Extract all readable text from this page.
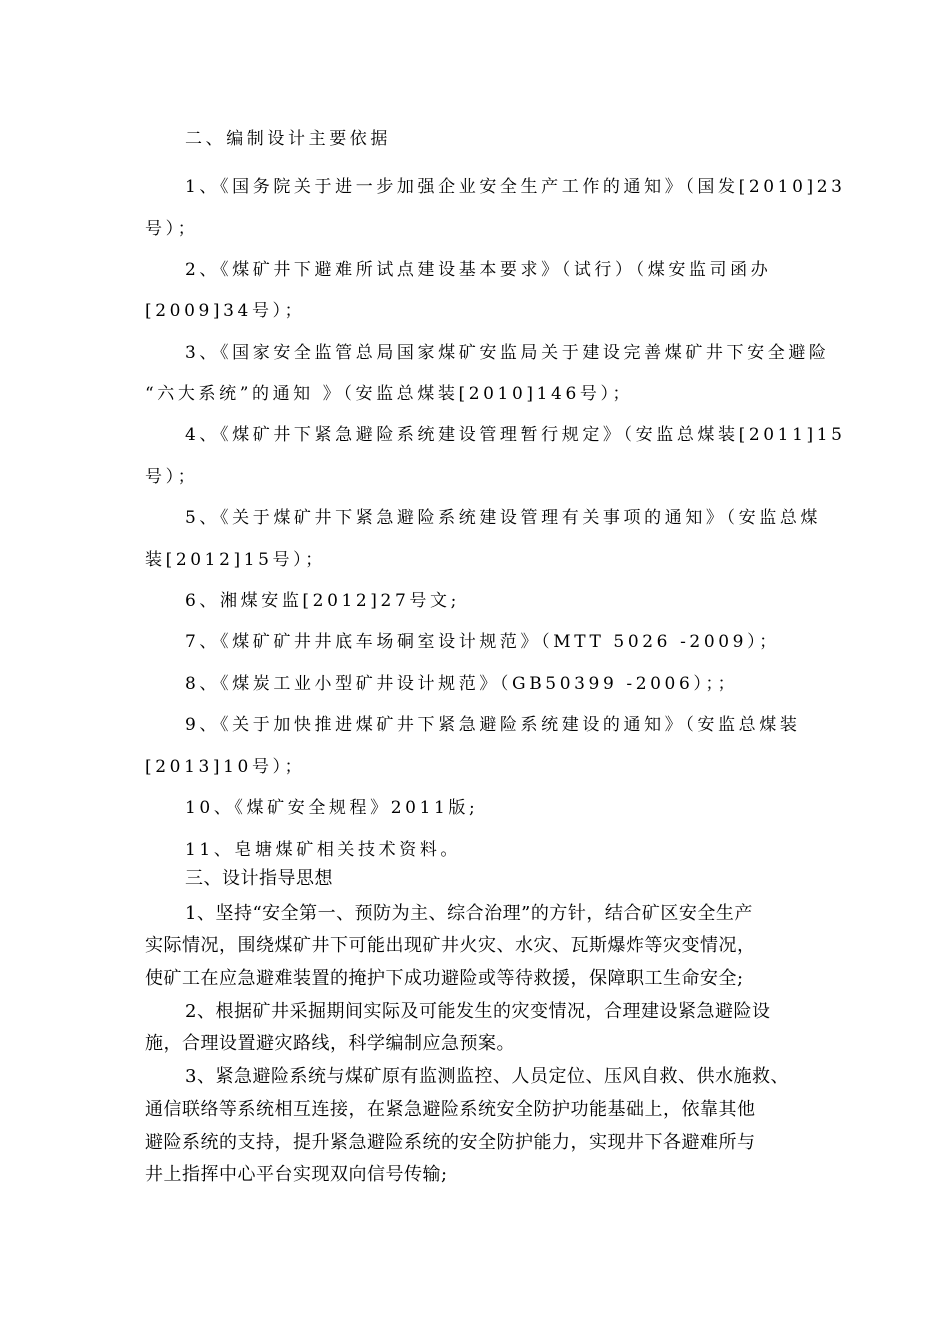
二、编制设计主要依据
1、《国务院关于进一步加强企业安全生产工作的通知》（国发[2010]23
号）；
2、《煤矿井下避难所试点建设基本要求》（试行）（煤安监司函办
[2009]34号）；
3、《国家安全监管总局国家煤矿安监局关于建设完善煤矿井下安全避险
“六大系统”的通知 》（安监总煤装[2010]146号）；
4、《煤矿井下紧急避险系统建设管理暂行规定》（安监总煤装[2011]15
号）；
5、《关于煤矿井下紧急避险系统建设管理有关事项的通知》（安监总煤
装[2012]15号）；
6、湘煤安监[2012]27号文;
7、《煤矿矿井井底车场硐室设计规范》（MTT 5026 -2009）；
8、《煤炭工业小型矿井设计规范》（GB50399 -2006）；；
9、《关于加快推进煤矿井下紧急避险系统建设的通知》（安监总煤装
[2013]10号）；
10、《煤矿安全规程》2011版;
11、皂塘煤矿相关技术资料。
三、设计指导思想
1、坚持“安全第一、预防为主、综合治理”的方针，结合矿区安全生产
实际情况，围绕煤矿井下可能出现矿井火灾、水灾、瓦斯爆炸等灾变情况，
使矿工在应急避难装置的掩护下成功避险或等待救援，保障职工生命安全;
2、根据矿井采掘期间实际及可能发生的灾变情况，合理建设紧急避险设
施，合理设置避灾路线，科学编制应急预案。
3、紧急避险系统与煤矿原有监测监控、人员定位、压风自救、供水施救、
通信联络等系统相互连接，在紧急避险系统安全防护功能基础上，依靠其他
避险系统的支持，提升紧急避险系统的安全防护能力，实现井下各避难所与
井上指挥中心平台实现双向信号传输;
